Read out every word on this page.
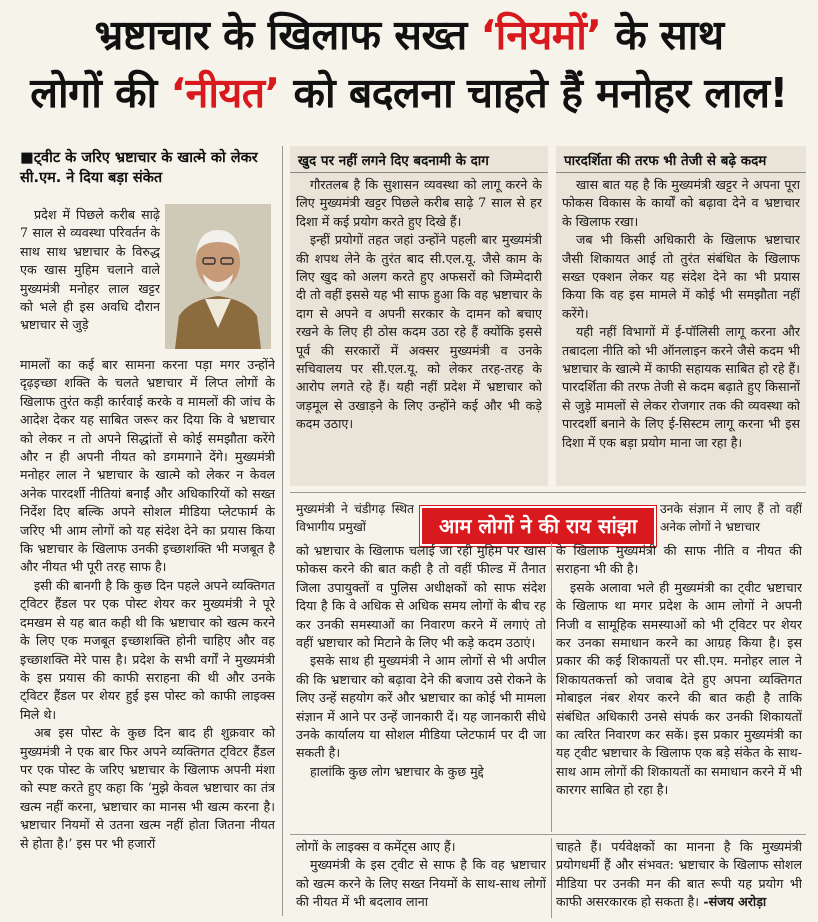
भ्रष्टाचार के खिलाफ सख्त ‘नियमों’ के साथ
लोगों की ‘नीयत’ को बदलना चाहते हैं मनोहर लाल!
■ट्वीट के जरिए भ्रष्टाचार के खात्मे को लेकर सी.एम. ने दिया बड़ा संकेत

प्रदेश में पिछले करीब साढ़े 7 साल से व्यवस्था परिवर्तन के साथ साथ भ्रष्टाचार के विरुद्ध एक खास मुहिम चलाने वाले मुख्यमंत्री मनोहर लाल खट्टर को भले ही इस अवधि दौरान भ्रष्टाचार से जुड़े

मामलों का कई बार सामना करना पड़ा मगर उन्होंने दृढ़इच्छा शक्ति के चलते भ्रष्टाचार में लिप्त लोगों के खिलाफ तुरंत कड़ी कार्रवाई करके व मामलों की जांच के आदेश देकर यह साबित जरूर कर दिया कि वे भ्रष्टाचार को लेकर न तो अपने सिद्धांतों से कोई समझौता करेंगे और न ही अपनी नीयत को डगमगाने देंगे। मुख्यमंत्री मनोहर लाल ने भ्रष्टाचार के खात्मे को लेकर न केवल अनेक पारदर्शी नीतियां बनाईं और अधिकारियों को सख्त निर्देश दिए बल्कि अपने सोशल मीडिया प्लेटफार्म के जरिए भी आम लोगों को यह संदेश देने का प्रयास किया कि भ्रष्टाचार के खिलाफ उनकी इच्छाशक्ति भी मजबूत है और नीयत भी पूरी तरह साफ है।

इसी की बानगी है कि कुछ दिन पहले अपने व्यक्तिगत ट्विटर हैंडल पर एक पोस्ट शेयर कर मुख्यमंत्री ने पूरे दमखम से यह बात कही थी कि भ्रष्टाचार को खत्म करने के लिए एक मजबूत इच्छाशक्ति होनी चाहिए और वह इच्छाशक्ति मेरे पास है। प्रदेश के सभी वर्गों ने मुख्यमंत्री के इस प्रयास की काफी सराहना की थी और उनके ट्विटर हैंडल पर शेयर हुई इस पोस्ट को काफी लाइक्स मिले थे।

अब इस पोस्ट के कुछ दिन बाद ही शुक्रवार को मुख्यमंत्री ने एक बार फिर अपने व्यक्तिगत ट्विटर हैंडल पर एक पोस्ट के जरिए भ्रष्टाचार के खिलाफ अपनी मंशा को स्पष्ट करते हुए कहा कि ‘मुझे केवल भ्रष्टाचार का तंत्र खत्म नहीं करना, भ्रष्टाचार का मानस भी खत्म करना है। भ्रष्टाचार नियमों से उतना खत्म नहीं होता जितना नीयत से होता है।’ इस पर भी हजारों

खुद पर नहीं लगने दिए बदनामी के दाग

गौरतलब है कि सुशासन व्यवस्था को लागू करने के लिए मुख्यमंत्री खट्टर पिछले करीब साढ़े 7 साल से हर दिशा में कई प्रयोग करते हुए दिखे हैं।

इन्हीं प्रयोगों तहत जहां उन्होंने पहली बार मुख्यमंत्री की शपथ लेने के तुरंत बाद सी.एल.यू. जैसे काम के लिए खुद को अलग करते हुए अफसरों को जिम्मेदारी दी तो वहीं इससे यह भी साफ हुआ कि वह भ्रष्टाचार के दाग से अपने व अपनी सरकार के दामन को बचाए रखने के लिए ही ठोस कदम उठा रहे हैं क्योंकि इससे पूर्व की सरकारों में अक्सर मुख्यमंत्री व उनके सचिवालय पर सी.एल.यू. को लेकर तरह-तरह के आरोप लगते रहे हैं। यही नहीं प्रदेश में भ्रष्टाचार को जड़मूल से उखाड़ने के लिए उन्होंने कई और भी कड़े कदम उठाए।

पारदर्शिता की तरफ भी तेजी से बढ़े कदम

खास बात यह है कि मुख्यमंत्री खट्टर ने अपना पूरा फोकस विकास के कार्यों को बढ़ावा देने व भ्रष्टाचार के खिलाफ रखा।

जब भी किसी अधिकारी के खिलाफ भ्रष्टाचार जैसी शिकायत आई तो तुरंत संबंधित के खिलाफ सख्त एक्शन लेकर यह संदेश देने का भी प्रयास किया कि वह इस मामले में कोई भी समझौता नहीं करेंगे।

यही नहीं विभागों में ई-पॉलिसी लागू करना और तबादला नीति को भी ऑनलाइन करने जैसे कदम भी भ्रष्टाचार के खात्मे में काफी सहायक साबित हो रहे हैं। पारदर्शिता की तरफ तेजी से कदम बढ़ाते हुए किसानों से जुड़े मामलों से लेकर रोजगार तक की व्यवस्था को पारदर्शी बनाने के लिए ई-सिस्टम लागू करना भी इस दिशा में एक बड़ा प्रयोग माना जा रहा है।

आम लोगों ने की राय सांझा

मुख्यमंत्री ने चंडीगढ़ स्थित विभागीय प्रमुखों

उनके संज्ञान में लाए हैं तो वहीं अनेक लोगों ने भ्रष्टाचार

को भ्रष्टाचार के खिलाफ चलाई जा रही मुहिम पर खास फोकस करने की बात कही है तो वहीं फील्ड में तैनात जिला उपायुक्तों व पुलिस अधीक्षकों को साफ संदेश दिया है कि वे अधिक से अधिक समय लोगों के बीच रह कर उनकी समस्याओं का निवारण करने में लगाएं तो वहीं भ्रष्टाचार को मिटाने के लिए भी कड़े कदम उठाएं।

इसके साथ ही मुख्यमंत्री ने आम लोगों से भी अपील की कि भ्रष्टाचार को बढ़ावा देने की बजाय उसे रोकने के लिए उन्हें सहयोग करें और भ्रष्टाचार का कोई भी मामला संज्ञान में आने पर उन्हें जानकारी दें। यह जानकारी सीधे उनके कार्यालय या सोशल मीडिया प्लेटफार्म पर दी जा सकती है।

हालांकि कुछ लोग भ्रष्टाचार के कुछ मुद्दे

के खिलाफ मुख्यमंत्री की साफ नीति व नीयत की सराहना भी की है।

इसके अलावा भले ही मुख्यमंत्री का ट्वीट भ्रष्टाचार के खिलाफ था मगर प्रदेश के आम लोगों ने अपनी निजी व सामूहिक समस्याओं को भी ट्विटर पर शेयर कर उनका समाधान करने का आग्रह किया है। इस प्रकार की कई शिकायतों पर सी.एम. मनोहर लाल ने शिकायतकर्त्ता को जवाब देते हुए अपना व्यक्तिगत मोबाइल नंबर शेयर करने की बात कही है ताकि संबंधित अधिकारी उनसे संपर्क कर उनकी शिकायतों का त्वरित निवारण कर सकें। इस प्रकार मुख्यमंत्री का यह ट्वीट भ्रष्टाचार के खिलाफ एक बड़े संकेत के साथ-साथ आम लोगों की शिकायतों का समाधान करने में भी कारगर साबित हो रहा है।

लोगों के लाइक्स व कमेंट्स आए हैं।

मुख्यमंत्री के इस ट्वीट से साफ है कि वह भ्रष्टाचार को खत्म करने के लिए सख्त नियमों के साथ-साथ लोगों की नीयत में भी बदलाव लाना

चाहते हैं। पर्यवेक्षकों का मानना है कि मुख्यमंत्री प्रयोगधर्मी हैं और संभवत: भ्रष्टाचार के खिलाफ सोशल मीडिया पर उनकी मन की बात रूपी यह प्रयोग भी काफी असरकारक हो सकता है। -संजय अरोड़ा
